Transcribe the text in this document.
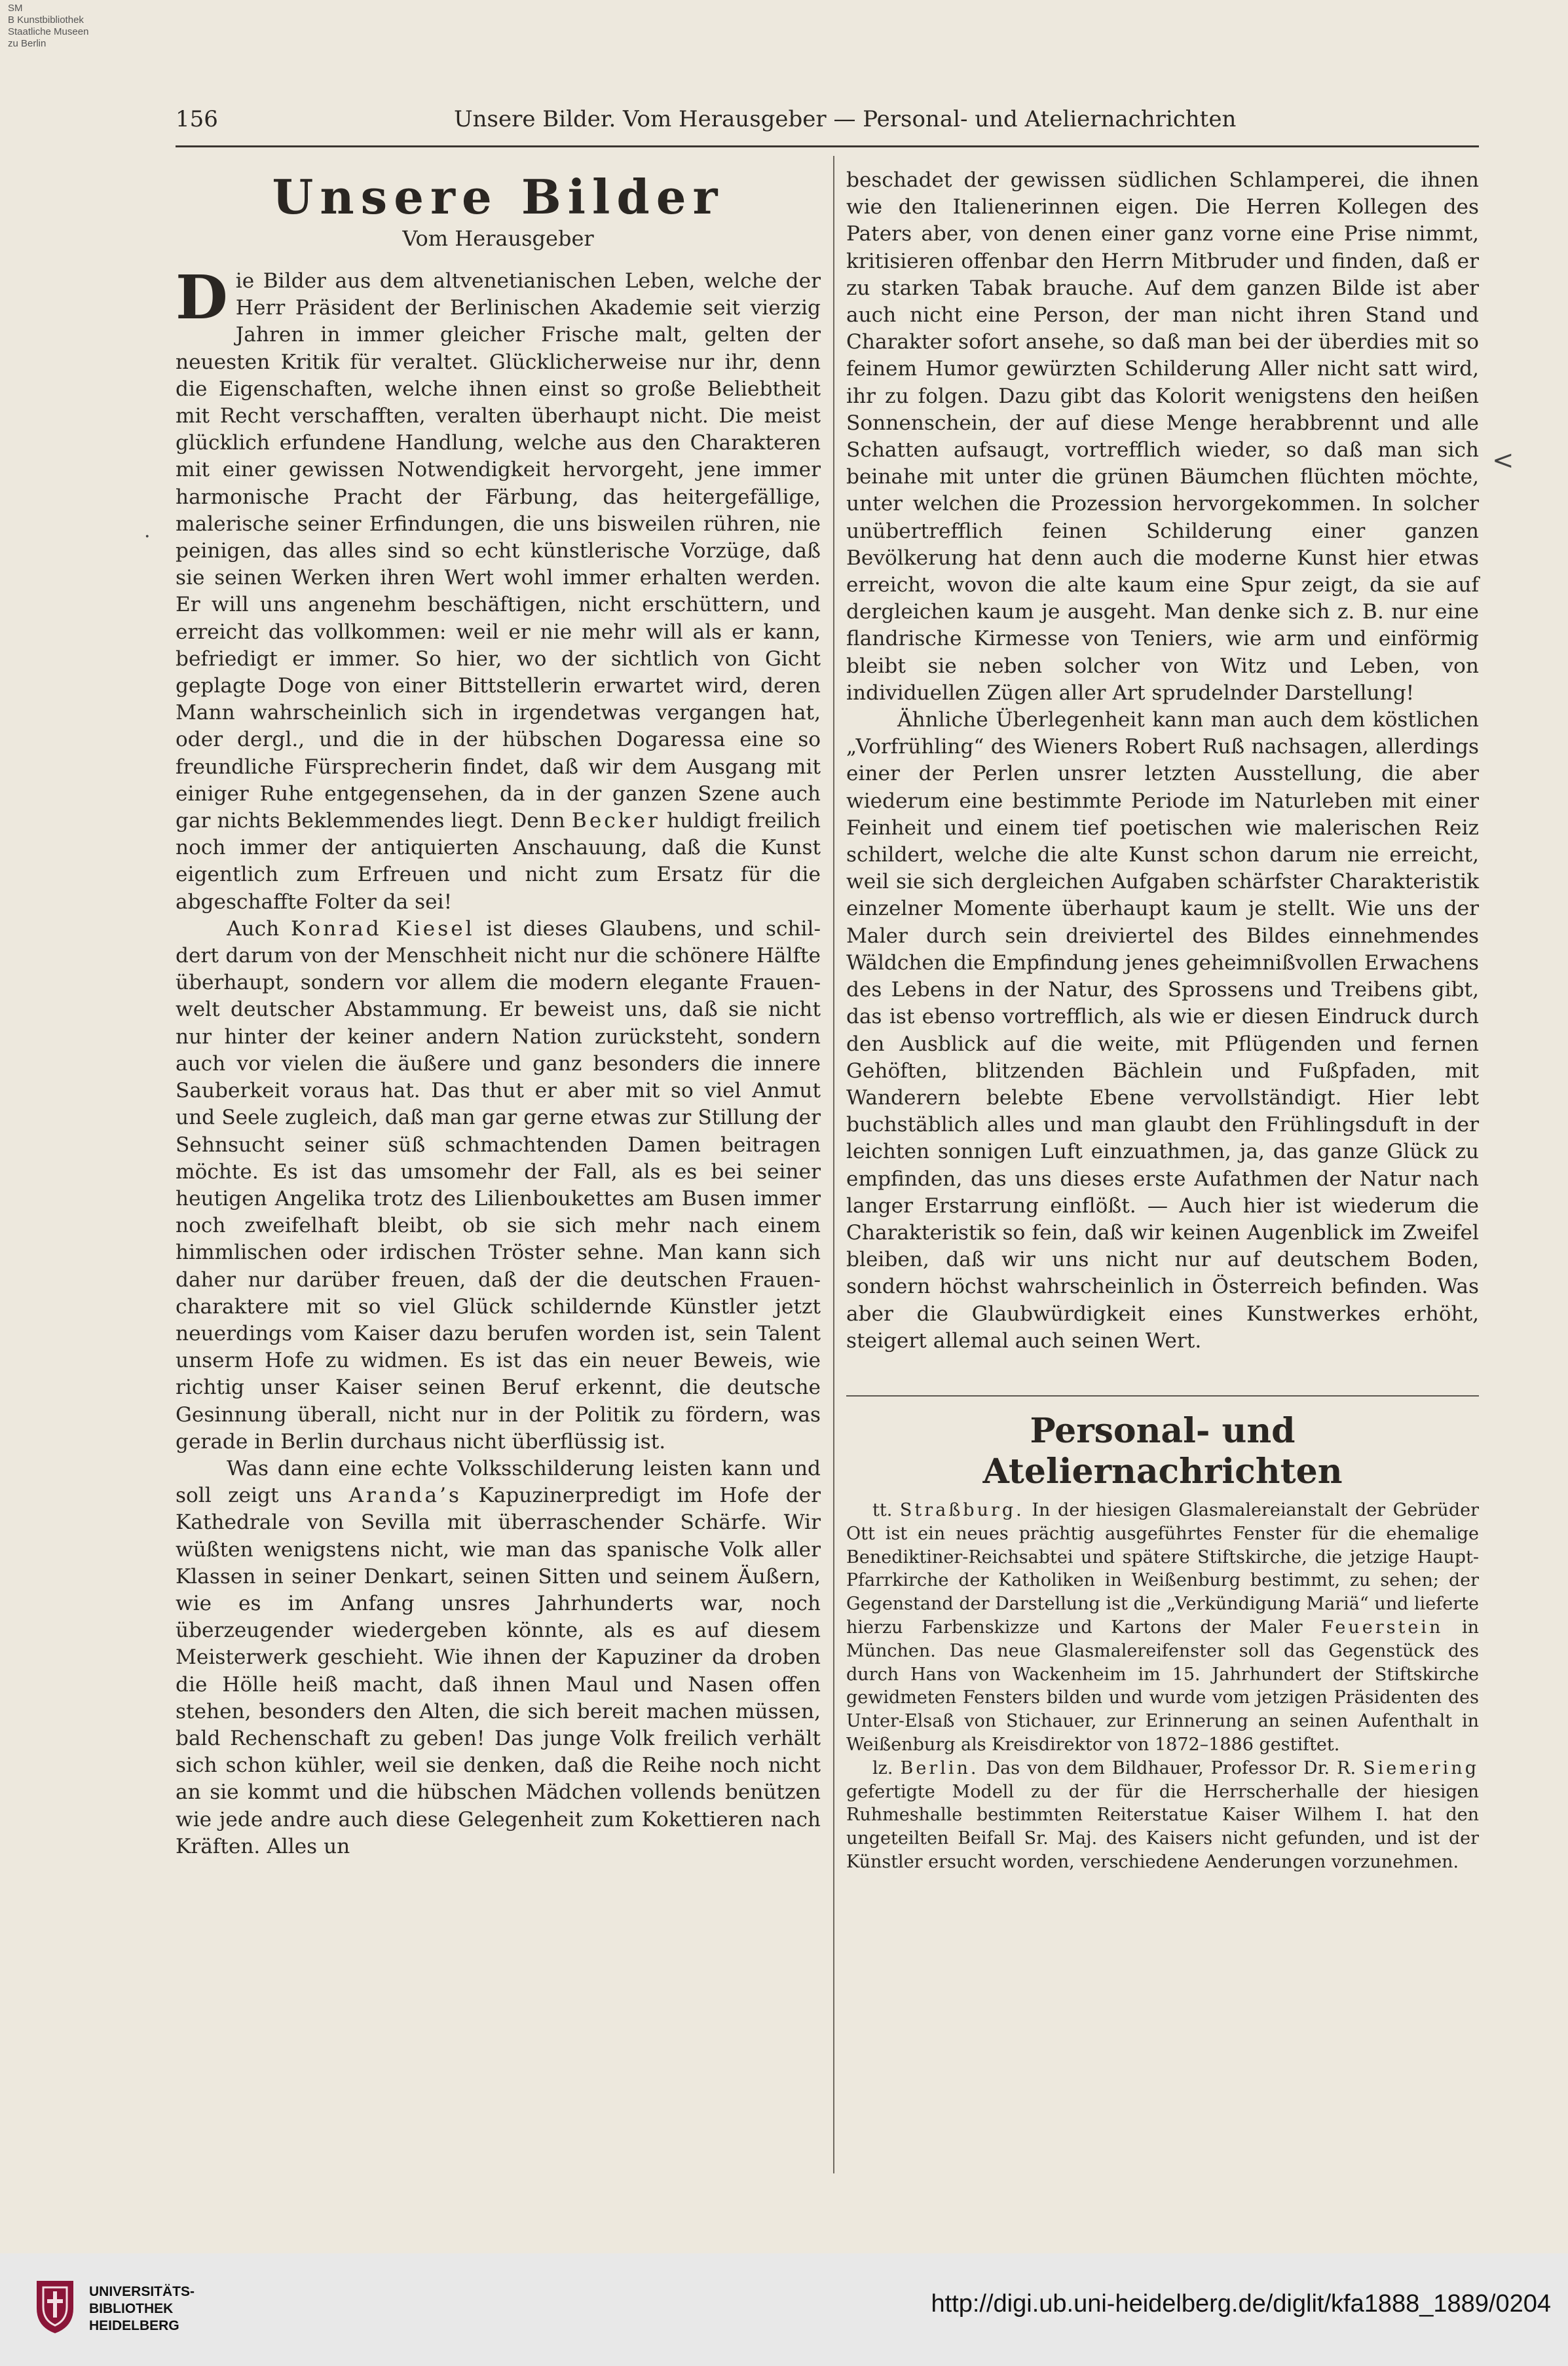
SM
B Kunstbibliothek
Staatliche Museen
zu Berlin
156	Unsere Bilder. Vom Herausgeber — Personal- und Ateliernachrichten
Unsere Bilder
Vom Herausgeber

Die Bilder aus dem altvenetianischen Leben, welche der Herr Präsident der Berlinischen Akademie seit vierzig Jahren in immer gleicher Frische malt, gelten der neuesten Kritik für veraltet. Glücklicherweise nur ihr, denn die Eigenschaften, welche ihnen einst so große Beliebtheit mit Recht verschafften, veralten überhaupt nicht. Die meist glücklich erfundene Handlung, welche aus den Charakteren mit einer gewissen Notwendigkeit hervorgeht, jene immer harmonische Pracht der Färbung, das heitergefällige, malerische seiner Erfindungen, die uns bisweilen rühren, nie peinigen, das alles sind so echt künstlerische Vorzüge, daß sie seinen Werken ihren Wert wohl immer erhalten werden. Er will uns angenehm beschäftigen, nicht erschüttern, und erreicht das vollkommen: weil er nie mehr will als er kann, befriedigt er immer. So hier, wo der sichtlich von Gicht geplagte Doge von einer Bittstellerin erwartet wird, deren Mann wahrscheinlich sich in irgendetwas vergangen hat, oder dergl., und die in der hübschen Dogaressa eine so freundliche Fürsprecherin findet, daß wir dem Ausgang mit einiger Ruhe entgegensehen, da in der ganzen Szene auch gar nichts Beklemmendes liegt. Denn Becker huldigt freilich noch immer der antiquierten Anschauung, daß die Kunst eigentlich zum Erfreuen und nicht zum Ersatz für die abgeschaffte Folter da sei!

Auch Konrad Kiesel ist dieses Glaubens, und schildert darum von der Menschheit nicht nur die schönere Hälfte überhaupt, sondern vor allem die modern elegante Frauenwelt deutscher Abstammung. Er beweist uns, daß sie nicht nur hinter der keiner andern Nation zurücksteht, sondern auch vor vielen die äußere und ganz besonders die innere Sauberkeit voraus hat. Das thut er aber mit so viel Anmut und Seele zugleich, daß man gar gerne etwas zur Stillung der Sehnsucht seiner süß schmachtenden Damen beitragen möchte. Es ist das umsomehr der Fall, als es bei seiner heutigen Angelika trotz des Lilienboukettes am Busen immer noch zweifelhaft bleibt, ob sie sich mehr nach einem himmlischen oder irdischen Tröster sehne. Man kann sich daher nur darüber freuen, daß der die deutschen Frauencharaktere mit so viel Glück schildernde Künstler jetzt neuerdings vom Kaiser dazu berufen worden ist, sein Talent unserm Hofe zu widmen. Es ist das ein neuer Beweis, wie richtig unser Kaiser seinen Beruf erkennt, die deutsche Gesinnung überall, nicht nur in der Politik zu fördern, was gerade in Berlin durchaus nicht überflüssig ist.

Was dann eine echte Volksschilderung leisten kann und soll zeigt uns Aranda’s Kapuzinerpredigt im Hofe der Kathedrale von Sevilla mit überraschender Schärfe. Wir wüßten wenigstens nicht, wie man das spanische Volk aller Klassen in seiner Denkart, seinen Sitten und seinem Äußern, wie es im Anfang unsres Jahrhunderts war, noch überzeugender wiedergeben könnte, als es auf diesem Meisterwerk geschieht. Wie ihnen der Kapuziner da droben die Hölle heiß macht, daß ihnen Maul und Nasen offen stehen, besonders den Alten, die sich bereit machen müssen, bald Rechenschaft zu geben! Das junge Volk freilich verhält sich schon kühler, weil sie denken, daß die Reihe noch nicht an sie kommt und die hübschen Mädchen vollends benützen wie jede andre auch diese Gelegenheit zum Kokettieren nach Kräften. Alles un

beschadet der gewissen südlichen Schlamperei, die ihnen wie den Italienerinnen eigen. Die Herren Kollegen des Paters aber, von denen einer ganz vorne eine Prise nimmt, kritisieren offenbar den Herrn Mitbruder und finden, daß er zu starken Tabak brauche. Auf dem ganzen Bilde ist aber auch nicht eine Person, der man nicht ihren Stand und Charakter sofort ansehe, so daß man bei der überdies mit so feinem Humor gewürzten Schilderung Aller nicht satt wird, ihr zu folgen. Dazu gibt das Kolorit wenigstens den heißen Sonnenschein, der auf diese Menge herabbrennt und alle Schatten aufsaugt, vortrefflich wieder, so daß man sich beinahe mit unter die grünen Bäumchen flüchten möchte, unter welchen die Prozession hervorgekommen. In solcher unübertrefflich feinen Schilderung einer ganzen Bevölkerung hat denn auch die moderne Kunst hier etwas erreicht, wovon die alte kaum eine Spur zeigt, da sie auf dergleichen kaum je ausgeht. Man denke sich z. B. nur eine flandrische Kirmesse von Teniers, wie arm und einförmig bleibt sie neben solcher von Witz und Leben, von individuellen Zügen aller Art sprudelnder Darstellung!

Ähnliche Überlegenheit kann man auch dem köstlichen „Vorfrühling“ des Wieners Robert Ruß nachsagen, allerdings einer der Perlen unsrer letzten Ausstellung, die aber wiederum eine bestimmte Periode im Naturleben mit einer Feinheit und einem tief poetischen wie malerischen Reiz schildert, welche die alte Kunst schon darum nie erreicht, weil sie sich dergleichen Aufgaben schärfster Charakteristik einzelner Momente überhaupt kaum je stellt. Wie uns der Maler durch sein dreiviertel des Bildes einnehmendes Wäldchen die Empfindung jenes geheimnißvollen Erwachens des Lebens in der Natur, des Sprossens und Treibens gibt, das ist ebenso vortrefflich, als wie er diesen Eindruck durch den Ausblick auf die weite, mit Pflügenden und fernen Gehöften, blitzenden Bächlein und Fußpfaden, mit Wanderern belebte Ebene vervollständigt. Hier lebt buchstäblich alles und man glaubt den Frühlingsduft in der leichten sonnigen Luft einzuathmen, ja, das ganze Glück zu empfinden, das uns dieses erste Aufathmen der Natur nach langer Erstarrung einflößt. — Auch hier ist wiederum die Charakteristik so fein, daß wir keinen Augenblick im Zweifel bleiben, daß wir uns nicht nur auf deutschem Boden, sondern höchst wahrscheinlich in Österreich befinden. Was aber die Glaubwürdigkeit eines Kunstwerkes erhöht, steigert allemal auch seinen Wert.

Personal- und Ateliernachrichten

tt. Straßburg. In der hiesigen Glasmalereianstalt der Gebrüder Ott ist ein neues prächtig ausgeführtes Fenster für die ehemalige Benediktiner-Reichsabtei und spätere Stiftskirche, die jetzige Haupt-Pfarrkirche der Katholiken in Weißenburg bestimmt, zu sehen; der Gegenstand der Darstellung ist die „Verkündigung Mariä“ und lieferte hierzu Farbenskizze und Kartons der Maler Feuerstein in München. Das neue Glasmalereifenster soll das Gegenstück des durch Hans von Wackenheim im 15. Jahrhundert der Stiftskirche gewidmeten Fensters bilden und wurde vom jetzigen Präsidenten des Unter-Elsaß von Stichauer, zur Erinnerung an seinen Aufenthalt in Weißenburg als Kreisdirektor von 1872–1886 gestiftet.

lz. Berlin. Das von dem Bildhauer, Professor Dr. R. Siemering gefertigte Modell zu der für die Herrscherhalle der hiesigen Ruhmeshalle bestimmten Reiterstatue Kaiser Wilhem I. hat den ungeteilten Beifall Sr. Maj. des Kaisers nicht gefunden, und ist der Künstler ersucht worden, verschiedene Aenderungen vorzunehmen.

<
·
UNIVERSITÄTS-
BIBLIOTHEK
HEIDELBERG
http://digi.ub.uni-heidelberg.de/diglit/kfa1888_1889/0204
